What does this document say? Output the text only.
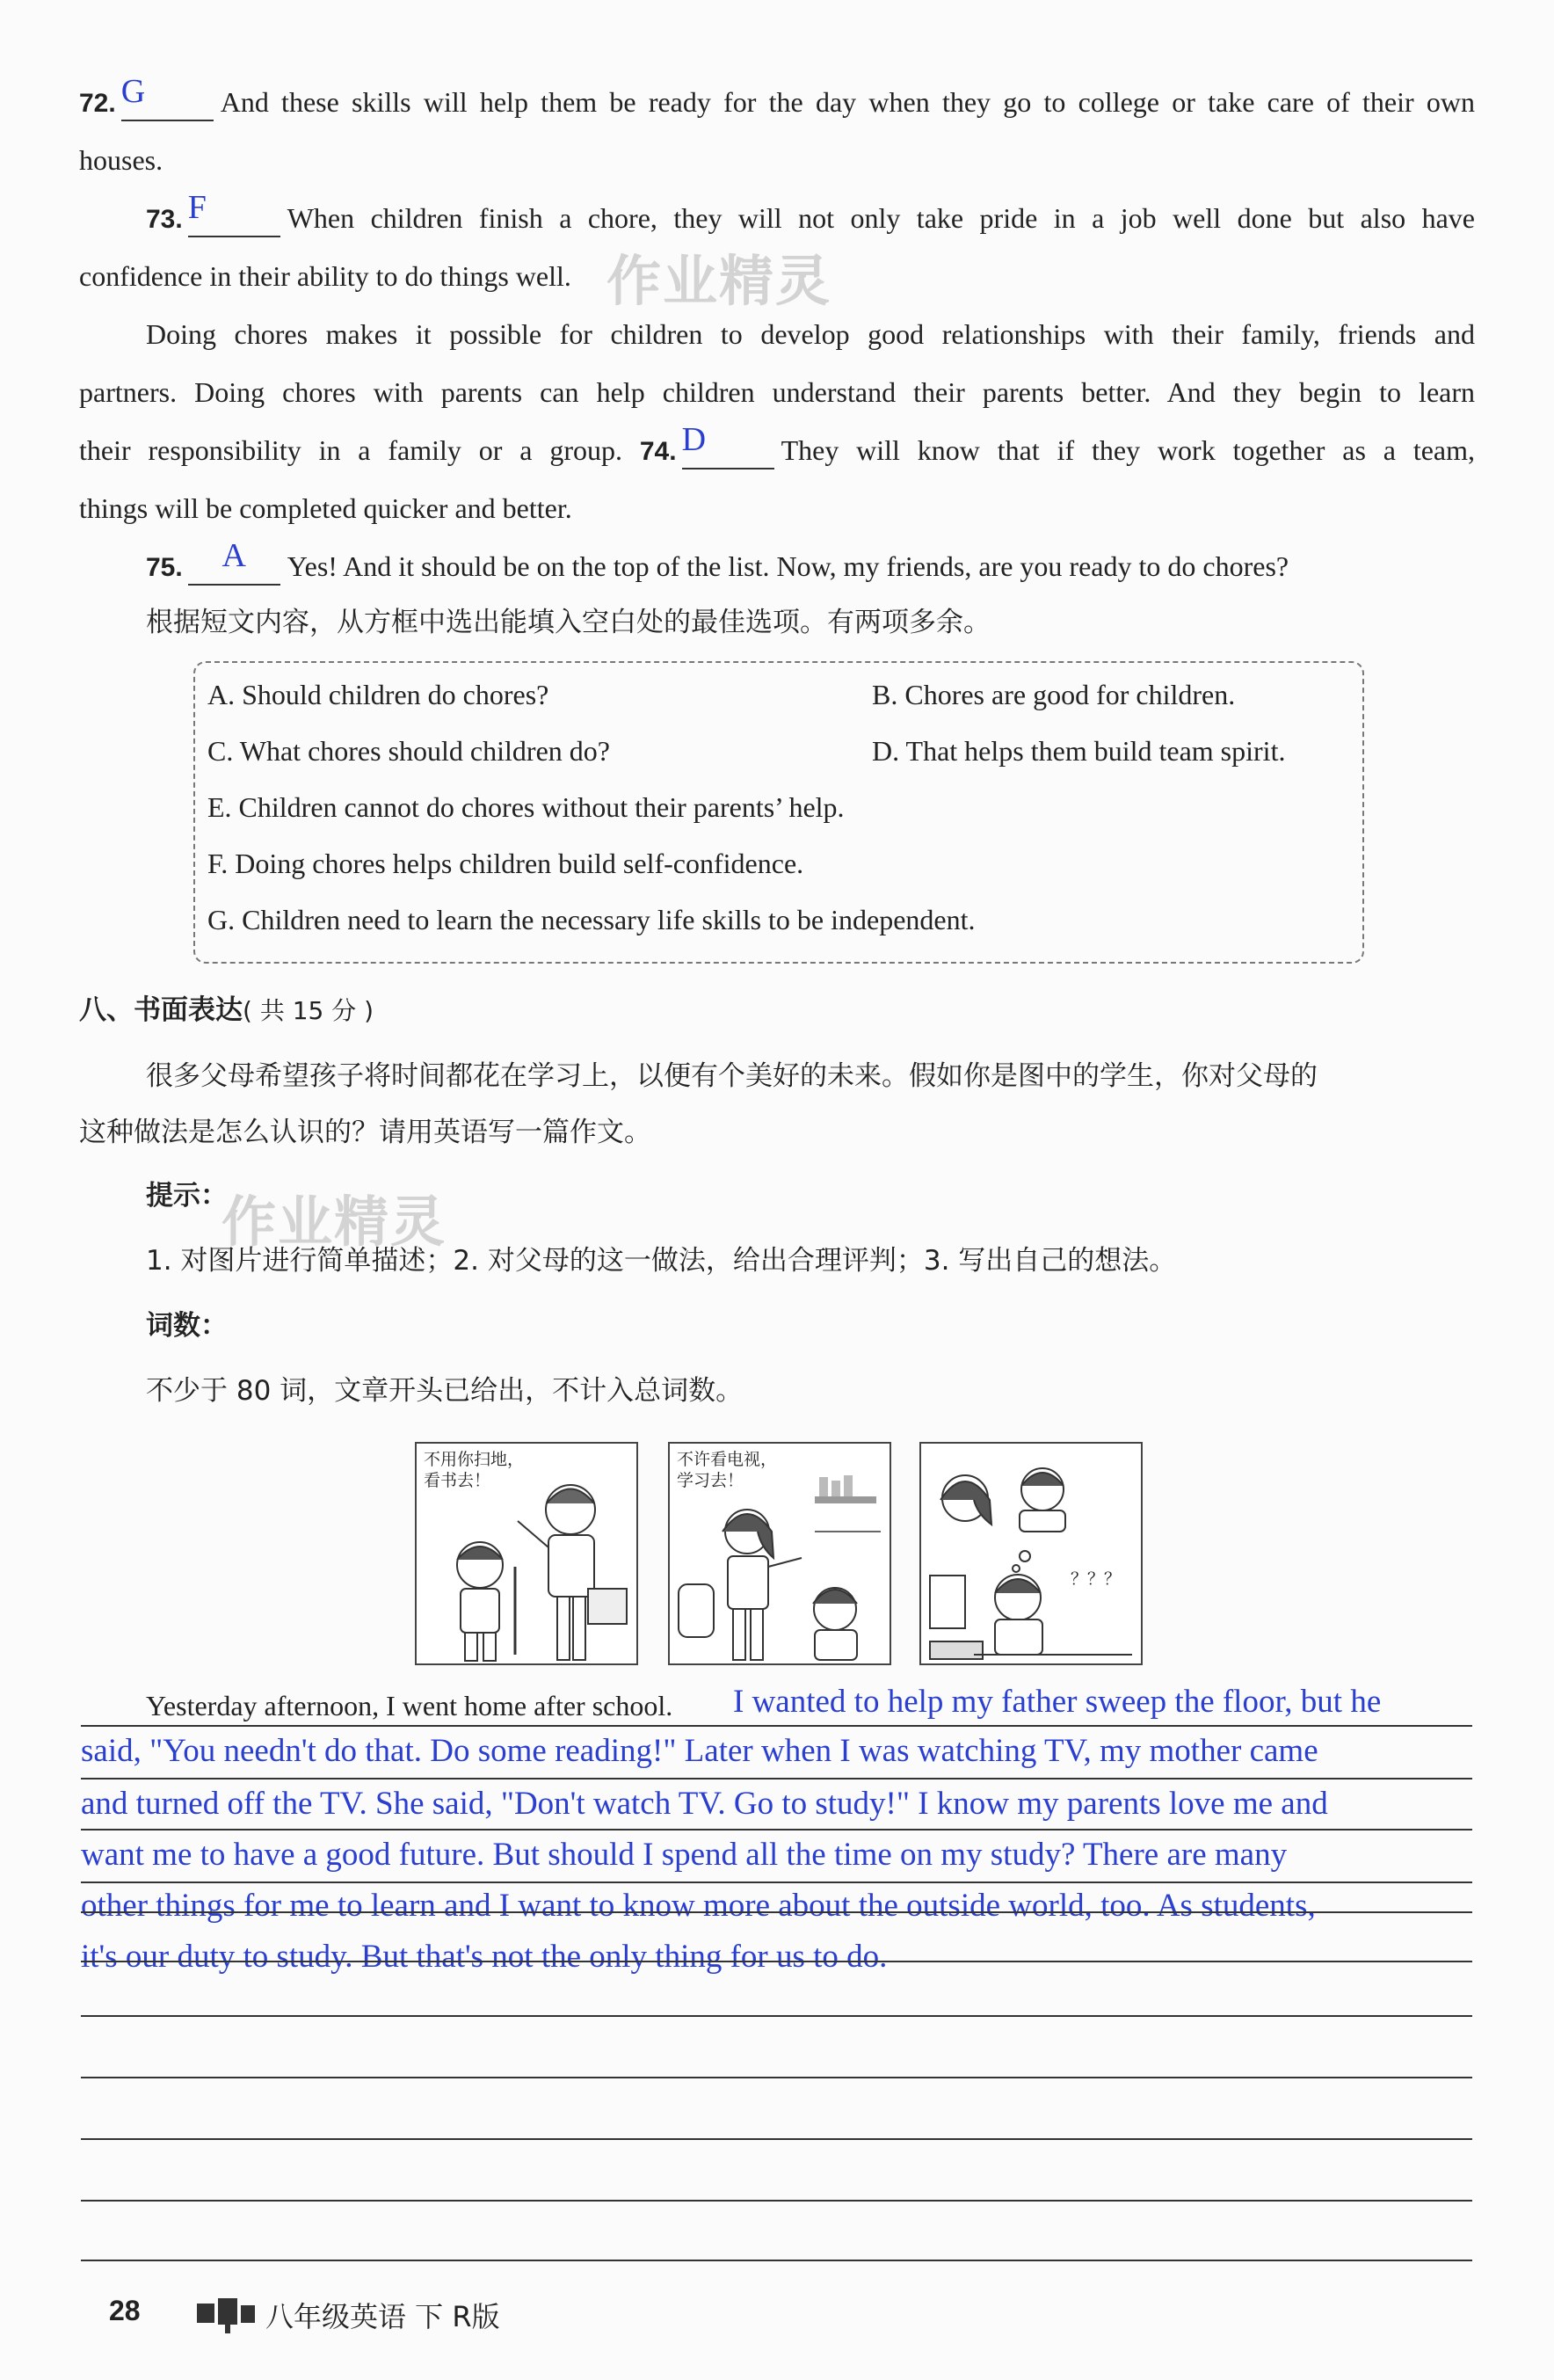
72. G	And these skills will help them be ready for the day when they go to college or take care of their own
houses.
73. F	When children finish a chore, they will not only take pride in a job well done but also have
confidence in their ability to do things well.
Doing chores makes it possible for children to develop good relationships with their family, friends and
partners. Doing chores with parents can help children understand their parents better. And they begin to learn
their responsibility in a family or a group. 74. D	They will know that if they work together as a team,
things will be completed quicker and better.
75.	A	Yes! And it should be on the top of the list. Now, my friends, are you ready to do chores?
根据短文内容，从方框中选出能填入空白处的最佳选项。有两项多余。
A. Should children do chores?	B. Chores are good for children.
C. What chores should children do?	D. That helps them build team spirit.
E. Children cannot do chores without their parents’ help.
F. Doing chores helps children build self-confidence.
G. Children need to learn the necessary life skills to be independent.
八、书面表达( 共 15 分 )
很多父母希望孩子将时间都花在学习上，以便有个美好的未来。假如你是图中的学生，你对父母的
这种做法是怎么认识的？请用英语写一篇作文。
提示：
1. 对图片进行简单描述；2. 对父母的这一做法，给出合理评判；3. 写出自己的想法。
词数：
不少于 80 词，文章开头已给出，不计入总词数。
作业精灵
作业精灵
不用你扫地，
看书去！
不许看电视，
学习去！
？？？
Yesterday afternoon, I went home after school.	I wanted to help my father sweep the floor, but he
said, "You needn't do that. Do some reading!" Later when I was watching TV, my mother came
and turned off the TV. She said, "Don't watch TV. Go to study!" I know my parents love me and
want me to have a good future. But should I spend all the time on my study? There are many
other things for me to learn and I want to know more about the outside world, too. As students,
it's our duty to study. But that's not the only thing for us to do.
28	八年级英语 下 R版
